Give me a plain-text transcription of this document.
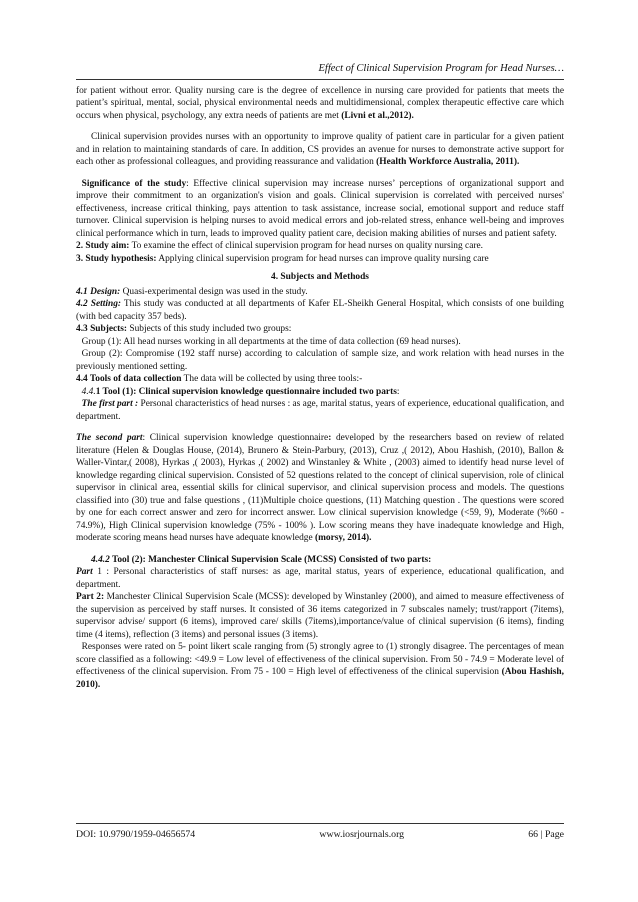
Effect of Clinical Supervision Program for Head Nurses…

for patient without error. Quality nursing care is the degree of excellence in nursing care provided for patients that meets the patient’s spiritual, mental, social, physical environmental needs and multidimensional, complex therapeutic effective care which occurs when physical, psychology, any extra needs of patients are met (Livni et al.,2012).

Clinical supervision provides nurses with an opportunity to improve quality of patient care in particular for a given patient and in relation to maintaining standards of care. In addition, CS provides an avenue for nurses to demonstrate active support for each other as professional colleagues, and providing reassurance and validation (Health Workforce Australia, 2011).

Significance of the study: Effective clinical supervision may increase nurses’ perceptions of organizational support and improve their commitment to an organization's vision and goals. Clinical supervision is correlated with perceived nurses' effectiveness, increase critical thinking, pays attention to task assistance, increase social, emotional support and reduce staff turnover. Clinical supervision is helping nurses to avoid medical errors and job-related stress, enhance well-being and improves clinical performance which in turn, leads to improved quality patient care, decision making abilities of nurses and patient safety.

2. Study aim: To examine the effect of clinical supervision program for head nurses on quality nursing care.

3. Study hypothesis: Applying clinical supervision program for head nurses can improve quality nursing care

4. Subjects and Methods

4.1 Design: Quasi-experimental design was used in the study.

4.2 Setting: This study was conducted at all departments of Kafer EL-Sheikh General Hospital, which consists of one building (with bed capacity 357 beds).

4.3 Subjects: Subjects of this study included two groups:

Group (1): All head nurses working in all departments at the time of data collection (69 head nurses).

Group (2): Compromise (192 staff nurse) according to calculation of sample size, and work relation with head nurses in the previously mentioned setting.

4.4 Tools of data collection The data will be collected by using three tools:-

4.4.1 Tool (1): Clinical supervision knowledge questionnaire included two parts:

The first part : Personal characteristics of head nurses : as age, marital status, years of experience, educational qualification, and department.

The second part: Clinical supervision knowledge questionnaire: developed by the researchers based on review of related literature (Helen & Douglas House, (2014), Brunero & Stein-Parbury, (2013), Cruz ,( 2012), Abou Hashish, (2010), Ballon & Waller-Vintar,( 2008), Hyrkas ,( 2003), Hyrkas ,( 2002) and Winstanley & White , (2003) aimed to identify head nurse level of knowledge regarding clinical supervision. Consisted of 52 questions related to the concept of clinical supervision, role of clinical supervisor in clinical area, essential skills for clinical supervisor, and clinical supervision process and models. The questions classified into (30) true and false questions , (11)Multiple choice questions, (11) Matching question . The questions were scored by one for each correct answer and zero for incorrect answer. Low clinical supervision knowledge (<59, 9), Moderate (%60 - 74.9%), High Clinical supervision knowledge (75% - 100% ). Low scoring means they have inadequate knowledge and High, moderate scoring means head nurses have adequate knowledge (morsy, 2014).

4.4.2 Tool (2): Manchester Clinical Supervision Scale (MCSS) Consisted of two parts:

Part 1 : Personal characteristics of staff nurses: as age, marital status, years of experience, educational qualification, and department.

Part 2: Manchester Clinical Supervision Scale (MCSS): developed by Winstanley (2000), and aimed to measure effectiveness of the supervision as perceived by staff nurses. It consisted of 36 items categorized in 7 subscales namely; trust/rapport (7items), supervisor advise/ support (6 items), improved care/ skills (7items),importance/value of clinical supervision (6 items), finding time (4 items), reflection (3 items) and personal issues (3 items).

Responses were rated on 5- point likert scale ranging from (5) strongly agree to (1) strongly disagree. The percentages of mean score classified as a following: <49.9 = Low level of effectiveness of the clinical supervision. From 50 - 74.9 = Moderate level of effectiveness of the clinical supervision. From 75 - 100 = High level of effectiveness of the clinical supervision (Abou Hashish, 2010).

DOI: 10.9790/1959-04656574	www.iosrjournals.org	66 | Page
